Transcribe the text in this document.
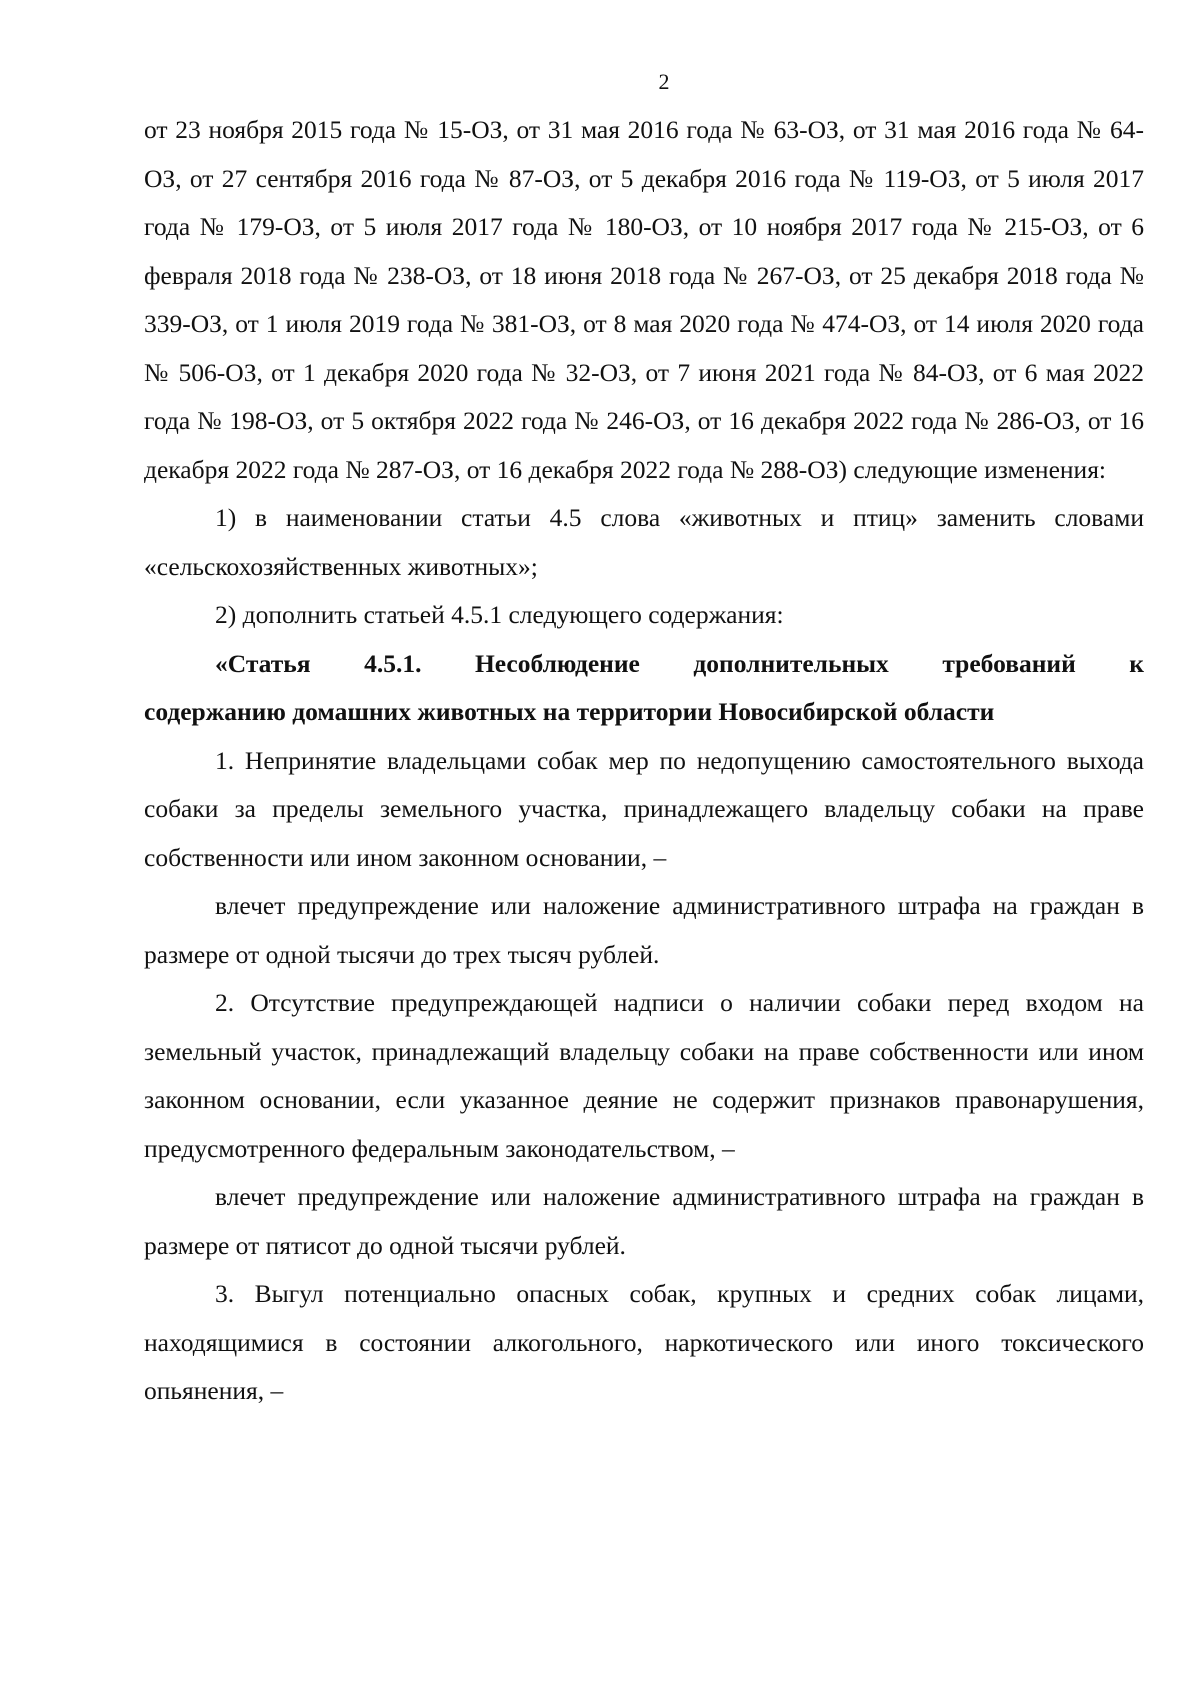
2

от 23 ноября 2015 года № 15-ОЗ, от 31 мая 2016 года № 63-ОЗ, от 31 мая 2016 года № 64-ОЗ, от 27 сентября 2016 года № 87-ОЗ, от 5 декабря 2016 года № 119-ОЗ, от 5 июля 2017 года № 179-ОЗ, от 5 июля 2017 года № 180-ОЗ, от 10 ноября 2017 года № 215-ОЗ, от 6 февраля 2018 года № 238-ОЗ, от 18 июня 2018 года № 267-ОЗ, от 25 декабря 2018 года № 339-ОЗ, от 1 июля 2019 года № 381-ОЗ, от 8 мая 2020 года № 474-ОЗ, от 14 июля 2020 года № 506-ОЗ, от 1 декабря 2020 года № 32-ОЗ, от 7 июня 2021 года № 84-ОЗ, от 6 мая 2022 года № 198-ОЗ, от 5 октября 2022 года № 246-ОЗ, от 16 декабря 2022 года № 286-ОЗ, от 16 декабря 2022 года № 287-ОЗ, от 16 декабря 2022 года № 288-ОЗ) следующие изменения:

1) в наименовании статьи 4.5 слова «животных и птиц» заменить словами «сельскохозяйственных животных»;

2) дополнить статьей 4.5.1 следующего содержания:

«Статья 4.5.1. Несоблюдение дополнительных требований к
содержанию домашних животных на территории Новосибирской области

1. Непринятие владельцами собак мер по недопущению самостоятельного выхода собаки за пределы земельного участка, принадлежащего владельцу собаки на праве собственности или ином законном основании, –

влечет предупреждение или наложение административного штрафа на граждан в размере от одной тысячи до трех тысяч рублей.

2. Отсутствие предупреждающей надписи о наличии собаки перед входом на земельный участок, принадлежащий владельцу собаки на праве собственности или ином законном основании, если указанное деяние не содержит признаков правонарушения, предусмотренного федеральным законодательством, –

влечет предупреждение или наложение административного штрафа на граждан в размере от пятисот до одной тысячи рублей.

3. Выгул потенциально опасных собак, крупных и средних собак лицами, находящимися в состоянии алкогольного, наркотического или иного токсического опьянения, –
